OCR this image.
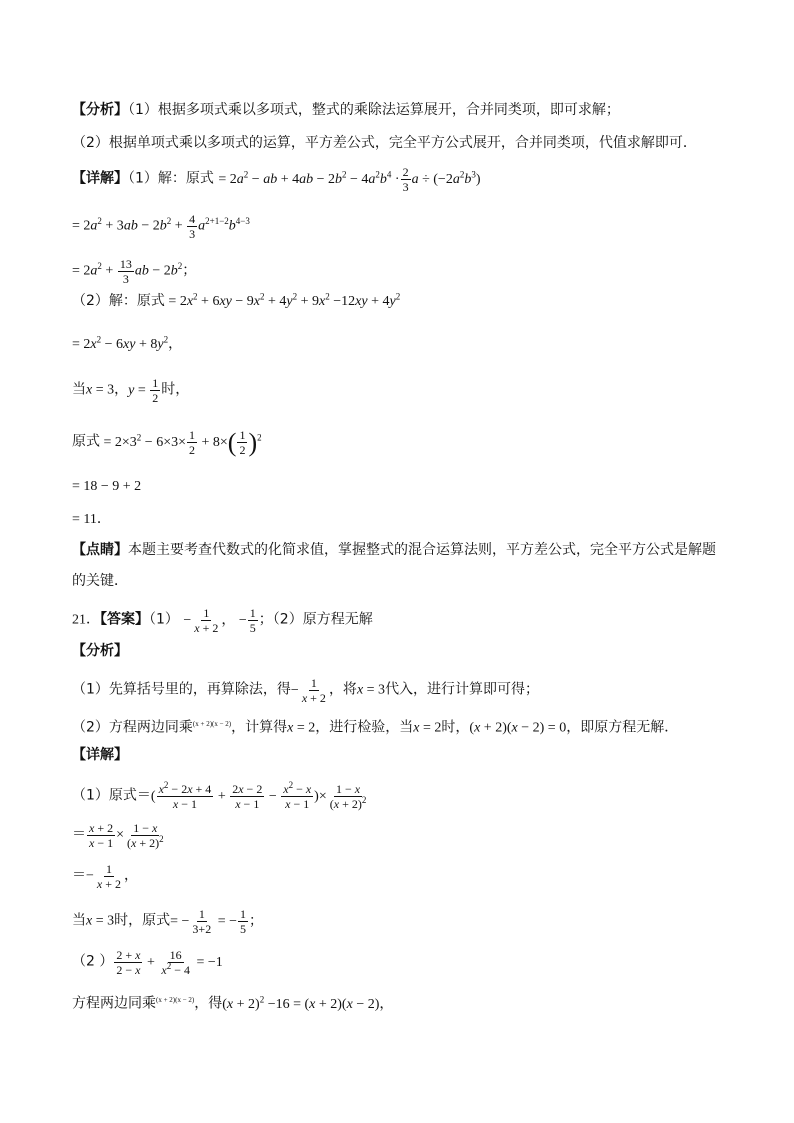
【分析】（1）根据多项式乘以多项式，整式的乘除法运算展开，合并同类项，即可求解；
（2）根据单项式乘以多项式的运算，平方差公式，完全平方公式展开，合并同类项，代值求解即可．
【详解】（1）解：原式 = $2a^2$ − ab + $4ab - 2b^2 - 4a^2b^4 \cdot \frac{2}{3}$ $a \div (-2a^2b^3)$
= $2a^2 + 3ab - 2b^2 + \frac{4}{3} a^{2+1-2}b^{4-3}$
= $2a^2 + \frac{13}{3}$ ab − $2b^2$；
（2）解：原式 = $2x^2 + 6xy - 9x^2 + 4y^2 + 9x^2 -12xy + 4y^2$
= $2x^2 - 6xy + 8y^2$，
当x = 3，$y = \frac{1}{2}$ 时，
原式 = $2\times 3^2 - 6\times 3\times \frac{1}{2} + 8\times( \frac{1}{2} )^2$
= 18 − 9 + 2
= 11．
【点睛】本题主要考查代数式的化简求值，掌握整式的混合运算法则，平方差公式，完全平方公式是解题
的关键．
21．【答案】$(1) - \frac{1}{x + 2}$ ， − $\frac{1}{5}$ ；（2）原方程无解
【分析】
（1）先算括号里的，再算除法，得− $\frac{1}{x + 2}$ ，将x = 3代入，进行计算即可得；
（2）方程两边同乘$^{(x + 2)(x - 2)}$，计算得x = 2，进行检验，当x = 2时，(x + 2)(x − 2) = 0，即原方程无解．
【详解】
（1）原式＝( $\frac{x^2 - 2x + 4}{x - 1} + \frac{2x - 2}{x - 1} - \frac{x^2 - x}{x - 1}$ )× $\frac{1 - x}{(x + 2)^2}$
＝ $\frac{x + 2}{x - 1} \times \frac{1 - x}{(x + 2)^2}$
＝− $\frac{1}{x + 2}$ ，
当x = 3时，原式= − $\frac{1}{3+2}$ = − $\frac{1}{5}$ ；
（2 ） $\frac{2 + x}{2 - x} + \frac{16}{x^2 - 4} = -1$
方程两边同乘$^{(x + 2)(x - 2)}$，得$(x + 2)^2 -16 = (x + 2)(x - 2)$，
